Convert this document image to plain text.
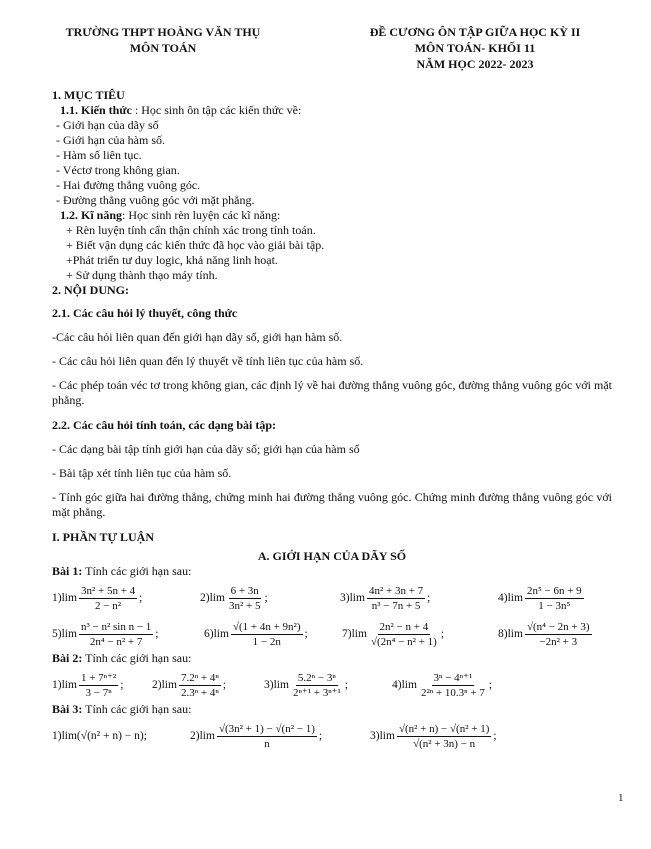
TRƯỜNG THPT HOÀNG VĂN THỤ
MÔN TOÁN
ĐỀ CƯƠNG ÔN TẬP GIỮA HỌC KỲ II
MÔN TOÁN- KHỐI 11
NĂM HỌC 2022- 2023
1. MỤC TIÊU
1.1. Kiến thức : Học sinh ôn tập các kiến thức về:
- Giới hạn của dãy số
- Giới hạn của hàm số.
- Hàm số liên tục.
- Véctơ trong không gian.
- Hai đường thẳng vuông góc.
- Đường thẳng vuông góc với mặt phẳng.
1.2. Kĩ năng: Học sinh rèn luyện các kĩ năng:
+ Rèn luyện tính cẩn thận chính xác trong tính toán.
+ Biết vận dụng các kiến thức đã học vào giải bài tập.
+Phát triển tư duy logic, khả năng linh hoạt.
+ Sử dụng thành thạo máy tính.
2. NỘI DUNG:
2.1. Các câu hỏi lý thuyết, công thức
-Các câu hỏi liên quan đến giới hạn dãy số, giới hạn hàm số.
- Các câu hỏi liên quan đến lý thuyết về tính liên tục của hàm số.
- Các phép toán véc tơ trong không gian, các định lý về hai đường thẳng vuông góc, đường thẳng vuông góc với mặt phẳng.
2.2. Các câu hỏi tính toán, các dạng bài tập:
- Các dạng bài tập tính giới hạn của dãy số; giới hạn của hàm số
- Bài tập xét tính liên tục của hàm số.
- Tính góc giữa hai đường thẳng, chứng minh hai đường thẳng vuông góc. Chứng minh đường thẳng vuông góc với mặt phẳng.
I. PHẦN TỰ LUẬN
A. GIỚI HẠN CỦA DÃY SỐ
Bài 1: Tính các giới hạn sau:
1) $\lim \frac{\text{3n² + 5n + 4}}{\text{2 − n²}}$ ;	2) $\lim \frac{6 + 3n}{\text{3n² + 5}}$ ;	3) $\lim \frac{\text{4n² + 3n + 7}}{\text{n³ − 7n + 5}}$ ;	4) $\lim \frac{\text{2n⁵ − 6n + 9}}{\text{1 − 3n⁵}}$
5) $\lim \frac{\text{n³ − n² sin n − 1}}{\text{2n⁴ − n² + 7}}$ ;	6) $\lim \frac{\text{√(1 + 4n + 9n²)}}{1 - 2n}$ ;	7) $\lim \frac{\text{2n² − n + 4}}{\text{√(2n⁴ − n² + 1)}}$ ;	8) $\lim \frac{\text{√(n⁴ − 2n + 3)}}{\text{−2n² + 3}}$
Bài 2: Tính các giới hạn sau:
1) $\lim \frac{\text{1 + 7ⁿ⁺²}}{\text{3 − 7ⁿ}}$ ; 2) $\lim \frac{\text{7.2ⁿ + 4ⁿ}}{\text{2.3ⁿ + 4ⁿ}}$ ;	3) $\lim \frac{\text{5.2ⁿ − 3ⁿ}}{\text{2ⁿ⁺¹ + 3ⁿ⁺¹}}$ ;	4) $\lim \frac{\text{3ⁿ − 4ⁿ⁺¹}}{\text{2²ⁿ + 10.3ⁿ + 7}}$ ;
Bài 3: Tính các giới hạn sau:
1) lim(√(n² + n) − n);	2) $\lim \frac{\text{√(3n² + 1) − √(n² − 1)}}{n}$ ;	3) $\lim \frac{\text{√(n² + n) − √(n² + 1)}}{\text{√(n² + 3n) − n}}$ ;
1
